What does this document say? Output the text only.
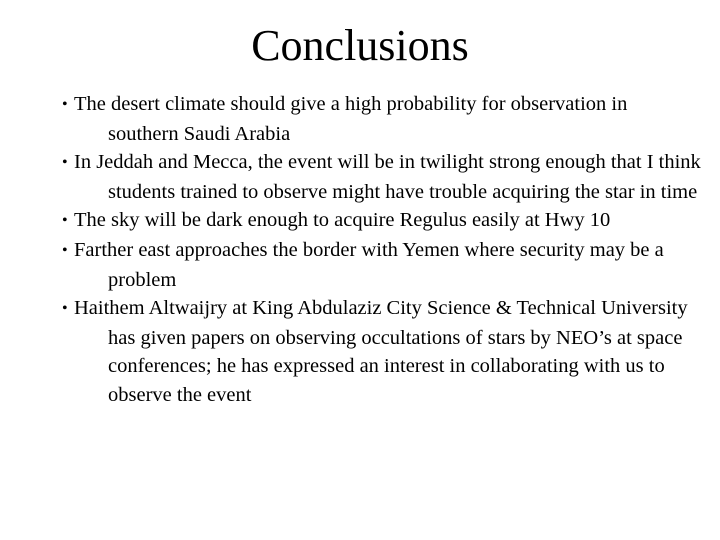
Conclusions
• The desert climate should give a high probability for observation in southern Saudi Arabia
• In Jeddah and Mecca, the event will be in twilight strong enough that I think students trained to observe might have trouble acquiring the star in time
• The sky will be dark enough to acquire Regulus easily at Hwy 10
• Farther east approaches the border with Yemen where security may be a problem
• Haithem Altwaijry at King Abdulaziz City Science & Technical University has given papers on observing occultations of stars by NEO’s at space conferences; he has expressed an interest in collaborating with us to observe the event
